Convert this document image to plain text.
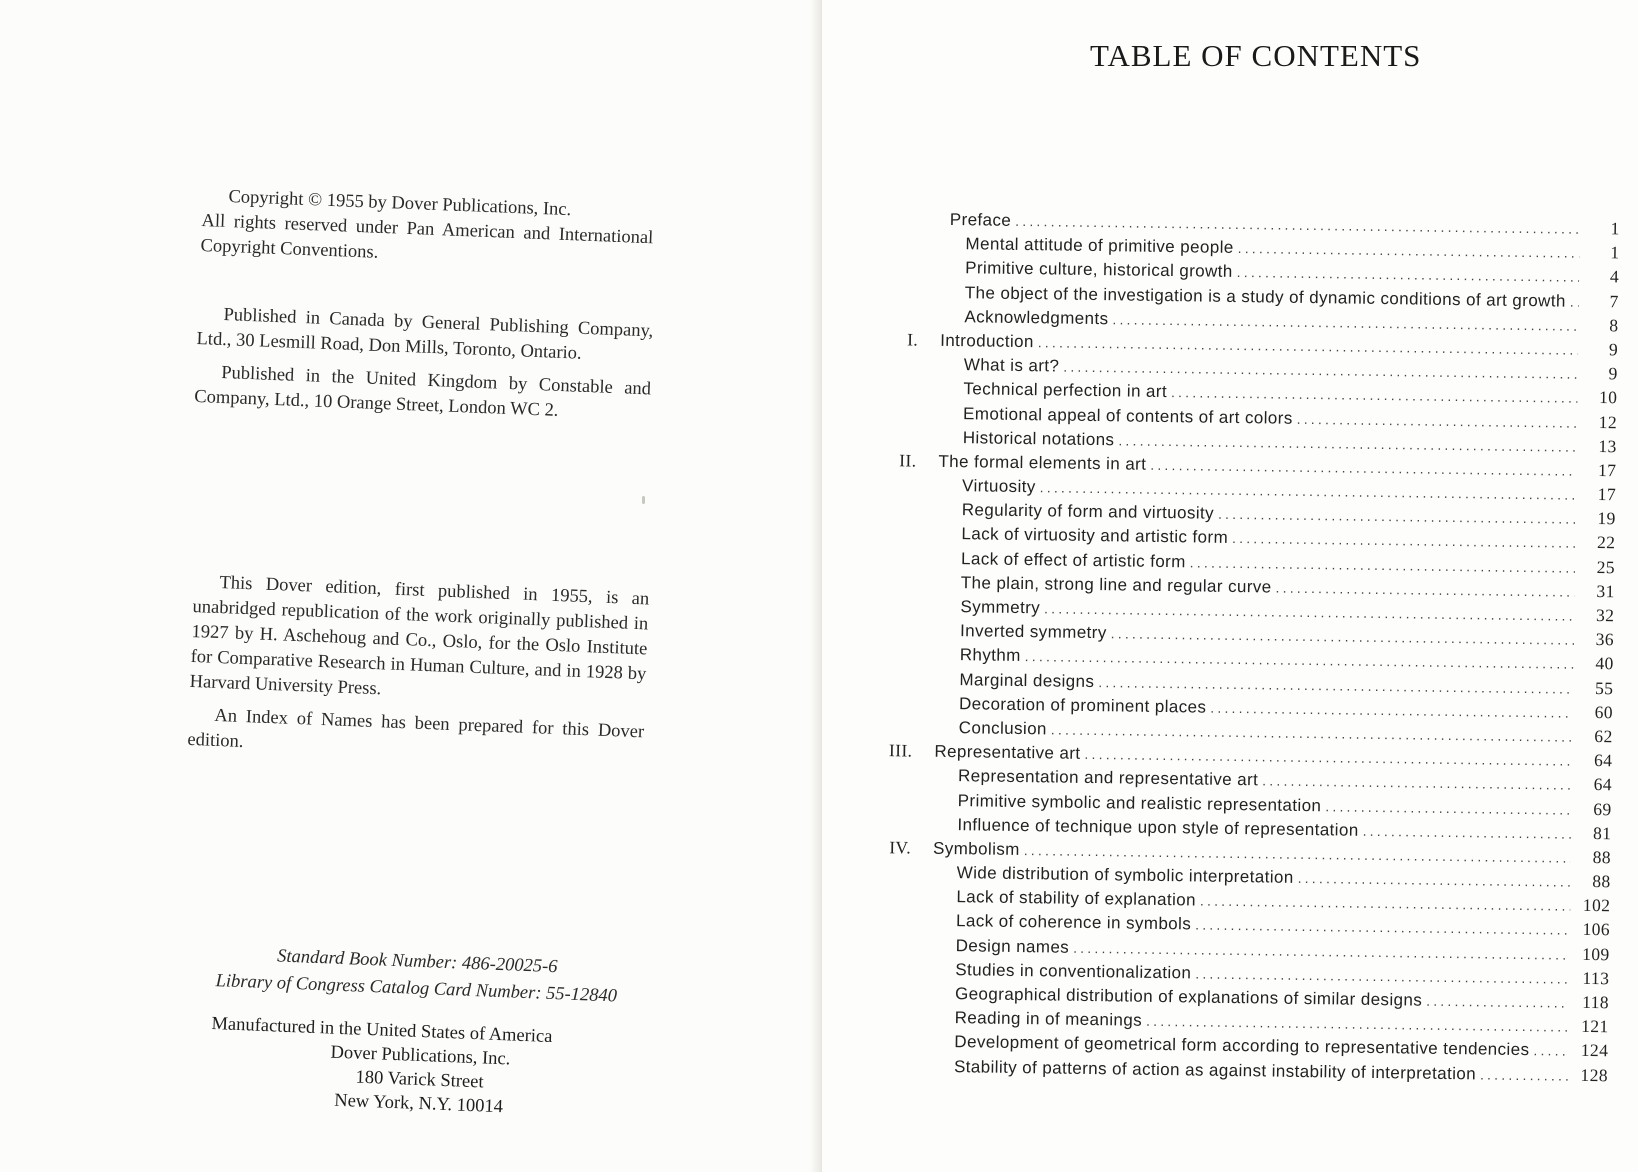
Copyright © 1955 by Dover Publications, Inc.

All rights reserved under Pan American and International Copyright Conventions.

Published in Canada by General Publishing Company, Ltd., 30 Lesmill Road, Don Mills, Toronto, Ontario.

Published in the United Kingdom by Constable and Company, Ltd., 10 Orange Street, London WC 2.

This Dover edition, first published in 1955, is an unabridged republication of the work originally published in 1927 by H. Aschehoug and Co., Oslo, for the Oslo Institute for Comparative Research in Human Culture, and in 1928 by Harvard University Press.

An Index of Names has been prepared for this Dover edition.

Standard Book Number: 486-20025-6
Library of Congress Catalog Card Number: 55-12840
Manufactured in the United States of America
Dover Publications, Inc.
180 Varick Street
New York, N.Y. 10014
TABLE OF CONTENTS
Preface .....	1
Mental attitude of primitive people .....	1
Primitive culture, historical growth .....	4
The object of the investigation is a study of dynamic conditions of art growth .....	7
Acknowledgments .....	8
I.	Introduction .....	9
What is art? .....	9
Technical perfection in art .....	10
Emotional appeal of contents of art colors .....	12
Historical notations .....	13
II.	The formal elements in art .....	17
Virtuosity .....	17
Regularity of form and virtuosity .....	19
Lack of virtuosity and artistic form .....	22
Lack of effect of artistic form .....	25
The plain, strong line and regular curve .....	31
Symmetry .....	32
Inverted symmetry .....	36
Rhythm .....	40
Marginal designs .....	55
Decoration of prominent places .....	60
Conclusion .....	62
III.	Representative art .....	64
Representation and representative art .....	64
Primitive symbolic and realistic representation .....	69
Influence of technique upon style of representation .....	81
IV.	Symbolism .....	88
Wide distribution of symbolic interpretation .....	88
Lack of stability of explanation .....	102
Lack of coherence in symbols .....	106
Design names .....	109
Studies in conventionalization .....	113
Geographical distribution of explanations of similar designs .....	118
Reading in of meanings .....	121
Development of geometrical form according to representative tendencies .....	124
Stability of patterns of action as against instability of interpretation .....	128
